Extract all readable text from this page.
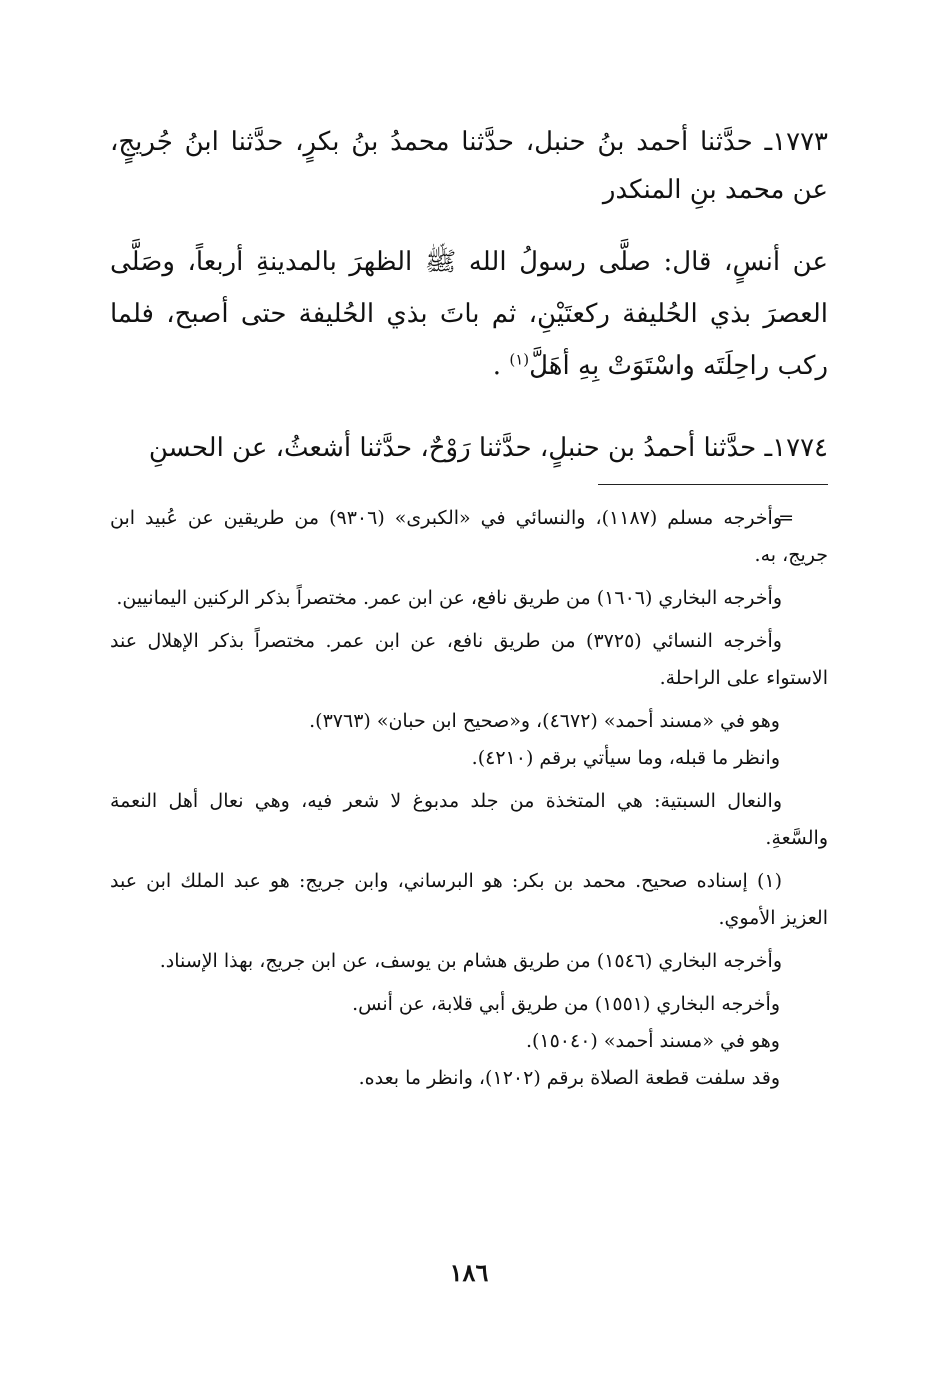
١٧٧٣ـ حدَّثنا أحمد بنُ حنبل، حدَّثنا محمدُ بنُ بكرٍ، حدَّثنا ابنُ جُريجٍ، عن محمد بنِ المنكدر
عن أنسٍ، قال: صلَّى رسولُ الله ﷺ الظهرَ بالمدينةِ أربعاً، وصَلَّى العصرَ بذي الحُليفة ركعتَيْنِ، ثم باتَ بذي الحُليفة حتى أصبح، فلما ركب راحِلَتَه واسْتَوَتْ بِهِ أهَلَّ$^{(١)}$ .
١٧٧٤ـ حدَّثنا أحمدُ بن حنبلٍ، حدَّثنا رَوْحٌ، حدَّثنا أشعثُ، عن الحسنِ

=
وأخرجه مسلم (١١٨٧)، والنسائي في «الكبرى» (٩٣٠٦) من طريقين عن عُبيد ابن جريج، به.

وأخرجه البخاري (١٦٠٦) من طريق نافع، عن ابن عمر. مختصراً بذكر الركنين اليمانيين.

وأخرجه النسائي (٣٧٢٥) من طريق نافع، عن ابن عمر. مختصراً بذكر الإهلال عند الاستواء على الراحلة.

وهو في «مسند أحمد» (٤٦٧٢)، و«صحيح ابن حبان» (٣٧٦٣).

وانظر ما قبله، وما سيأتي برقم (٤٢١٠).

والنعال السبتية: هي المتخذة من جلد مدبوغ لا شعر فيه، وهي نعال أهل النعمة والسَّعةِ.

(١) إسناده صحيح. محمد بن بكر: هو البرساني، وابن جريج: هو عبد الملك ابن عبد العزيز الأموي.

وأخرجه البخاري (١٥٤٦) من طريق هشام بن يوسف، عن ابن جريج، بهذا الإسناد.

وأخرجه البخاري (١٥٥١) من طريق أبي قلابة، عن أنس.

وهو في «مسند أحمد» (١٥٠٤٠).

وقد سلفت قطعة الصلاة برقم (١٢٠٢)، وانظر ما بعده.

١٨٦
